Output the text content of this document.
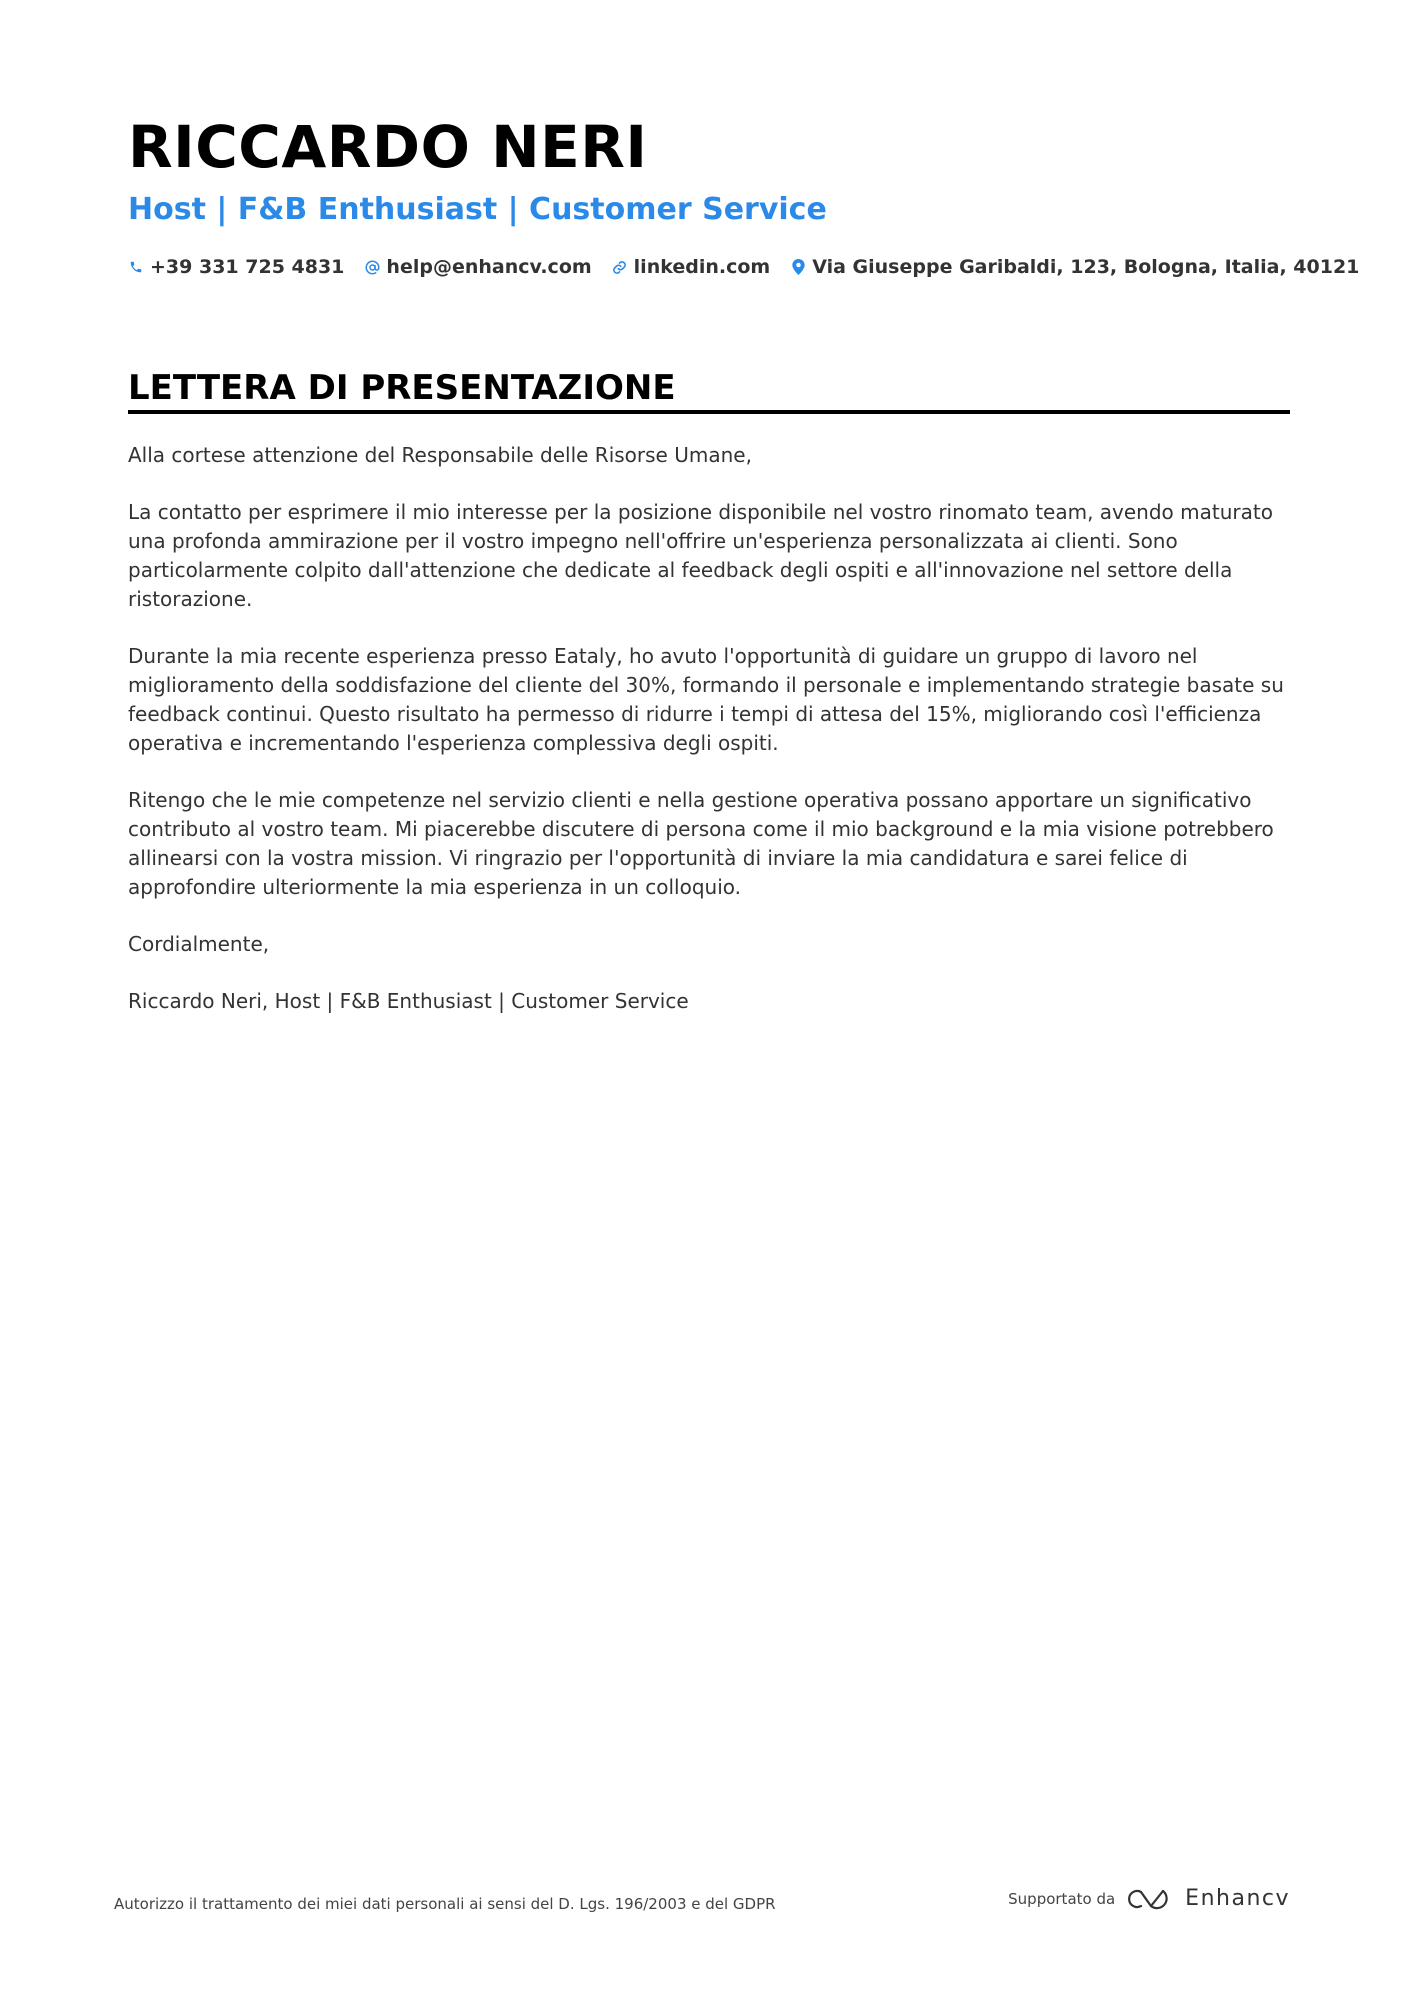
RICCARDO NERI
Host | F&B Enthusiast | Customer Service
+39 331 725 4831 help@enhancv.com linkedin.com Via Giuseppe Garibaldi, 123, Bologna, Italia, 40121
LETTERA DI PRESENTAZIONE

Alla cortese attenzione del Responsabile delle Risorse Umane,

La contatto per esprimere il mio interesse per la posizione disponibile nel vostro rinomato team, avendo maturato una profonda ammirazione per il vostro impegno nell'offrire un'esperienza personalizzata ai clienti. Sono particolarmente colpito dall'attenzione che dedicate al feedback degli ospiti e all'innovazione nel settore della ristorazione.

Durante la mia recente esperienza presso Eataly, ho avuto l'opportunità di guidare un gruppo di lavoro nel miglioramento della soddisfazione del cliente del 30%, formando il personale e implementando strategie basate su feedback continui. Questo risultato ha permesso di ridurre i tempi di attesa del 15%, migliorando così l'efficienza operativa e incrementando l'esperienza complessiva degli ospiti.

Ritengo che le mie competenze nel servizio clienti e nella gestione operativa possano apportare un significativo contributo al vostro team. Mi piacerebbe discutere di persona come il mio background e la mia visione potrebbero allinearsi con la vostra mission. Vi ringrazio per l'opportunità di inviare la mia candidatura e sarei felice di approfondire ulteriormente la mia esperienza in un colloquio.

Cordialmente,

Riccardo Neri, Host | F&B Enthusiast | Customer Service

Autorizzo il trattamento dei miei dati personali ai sensi del D. Lgs. 196/2003 e del GDPR	Supportato da	Enhancv
